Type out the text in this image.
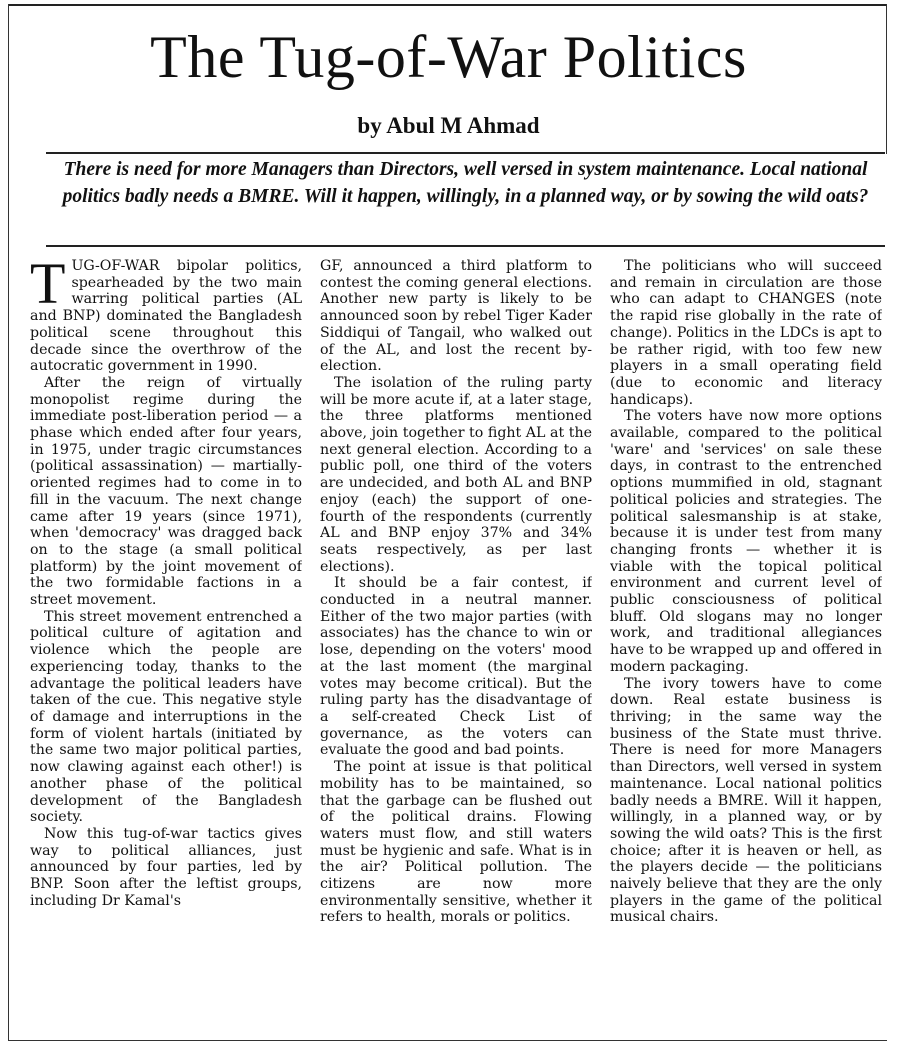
The Tug-of-War Politics
by Abul M Ahmad
There is need for more Managers than Directors, well versed in system maintenance. Local national politics badly needs a BMRE. Will it happen, willingly, in a planned way, or by sowing the wild oats?

TUG-OF-WAR bipolar politics, spearheaded by the two main warring political parties (AL and BNP) dominated the Bangladesh political scene throughout this decade since the overthrow of the autocratic government in 1990.

After the reign of virtually monopolist regime during the immediate post-liberation period — a phase which ended after four years, in 1975, under tragic circumstances (political assassination) — martially-oriented regimes had to come in to fill in the vacuum. The next change came after 19 years (since 1971), when 'democracy' was dragged back on to the stage (a small political platform) by the joint movement of the two formidable factions in a street movement.

This street movement entrenched a political culture of agitation and violence which the people are experiencing today, thanks to the advantage the political leaders have taken of the cue. This negative style of damage and interruptions in the form of violent hartals (initiated by the same two major political parties, now clawing against each other!) is another phase of the political development of the Bangladesh society.

Now this tug-of-war tactics gives way to political alliances, just announced by four parties, led by BNP. Soon after the leftist groups, including Dr Kamal's

GF, announced a third platform to contest the coming general elections. Another new party is likely to be announced soon by rebel Tiger Kader Siddiqui of Tangail, who walked out of the AL, and lost the recent by-election.

The isolation of the ruling party will be more acute if, at a later stage, the three platforms mentioned above, join together to fight AL at the next general election. According to a public poll, one third of the voters are undecided, and both AL and BNP enjoy (each) the support of one-fourth of the respondents (currently AL and BNP enjoy 37% and 34% seats respectively, as per last elections).

It should be a fair contest, if conducted in a neutral manner. Either of the two major parties (with associates) has the chance to win or lose, depending on the voters' mood at the last moment (the marginal votes may become critical). But the ruling party has the disadvantage of a self-created Check List of governance, as the voters can evaluate the good and bad points.

The point at issue is that political mobility has to be maintained, so that the garbage can be flushed out of the political drains. Flowing waters must flow, and still waters must be hygienic and safe. What is in the air? Political pollution. The citizens are now more environmentally sensitive, whether it refers to health, morals or politics.

The politicians who will succeed and remain in circulation are those who can adapt to CHANGES (note the rapid rise globally in the rate of change). Politics in the LDCs is apt to be rather rigid, with too few new players in a small operating field (due to economic and literacy handicaps).

The voters have now more options available, compared to the political 'ware' and 'services' on sale these days, in contrast to the entrenched options mummified in old, stagnant political policies and strategies. The political salesmanship is at stake, because it is under test from many changing fronts — whether it is viable with the topical political environment and current level of public consciousness of political bluff. Old slogans may no longer work, and traditional allegiances have to be wrapped up and offered in modern packaging.

The ivory towers have to come down. Real estate business is thriving; in the same way the business of the State must thrive. There is need for more Managers than Directors, well versed in system maintenance. Local national politics badly needs a BMRE. Will it happen, willingly, in a planned way, or by sowing the wild oats? This is the first choice; after it is heaven or hell, as the players decide — the politicians naively believe that they are the only players in the game of the political musical chairs.
